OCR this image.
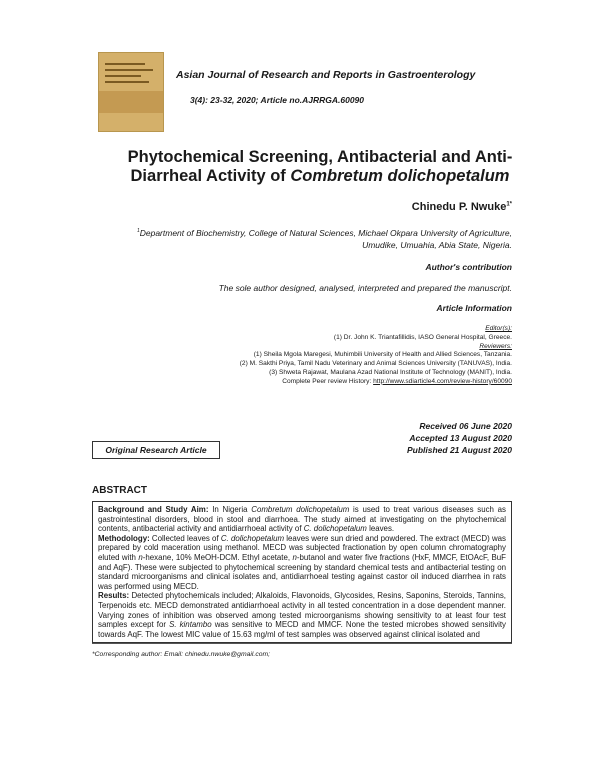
Asian Journal of Research and Reports in Gastroenterology
3(4): 23-32, 2020; Article no.AJRRGA.60090
Phytochemical Screening, Antibacterial and Anti-
Diarrheal Activity of Combretum dolichopetalum
Chinedu P. Nwuke$^{1*}$
$^1$Department of Biochemistry, College of Natural Sciences, Michael Okpara University of Agriculture,
Umudike, Umuahia, Abia State, Nigeria.
Author's contribution
The sole author designed, analysed, interpreted and prepared the manuscript.
Article Information
Editor(s):
(1) Dr. John K. Triantafillidis, IASO General Hospital, Greece.
Reviewers:
(1) Sheila Mgola Maregesi, Muhimbili University of Health and Allied Sciences, Tanzania.
(2) M. Sakthi Priya, Tamil Nadu Veterinary and Animal Sciences University (TANUVAS), India.
(3) Shweta Rajawat, Maulana Azad National Institute of Technology (MANIT), India.
Complete Peer review History: http://www.sdiarticle4.com/review-history/60090
Received 06 June 2020
Accepted 13 August 2020
Published 21 August 2020
Original Research Article
ABSTRACT

Background and Study Aim: In Nigeria Combretum dolichopetalum is used to treat various diseases such as gastrointestinal disorders, blood in stool and diarrhoea. The study aimed at investigating on the phytochemical contents, antibacterial activity and antidiarrhoeal activity of C. dolichopetalum leaves.

Methodology: Collected leaves of C. dolichopetalum leaves were sun dried and powdered. The extract (MECD) was prepared by cold maceration using methanol. MECD was subjected fractionation by open column chromatography eluted with n-hexane, 10% MeOH-DCM. Ethyl acetate, n-butanol and water five fractions (HxF, MMCF, EtOAcF, BuF and AqF). These were subjected to phytochemical screening by standard chemical tests and antibacterial testing on standard microorganisms and clinical isolates and, antidiarrhoeal testing against castor oil induced diarrhea in rats was performed using MECD.

Results: Detected phytochemicals included; Alkaloids, Flavonoids, Glycosides, Resins, Saponins, Steroids, Tannins, Terpenoids etc. MECD demonstrated antidiarrhoeal activity in all tested concentration in a dose dependent manner. Varying zones of inhibition was observed among tested microorganisms showing sensitivity to at least four test samples except for S. kintambo was sensitive to MECD and MMCF. None the tested microbes showed sensitivity towards AqF. The lowest MIC value of 15.63 mg/ml of test samples was observed against clinical isolated and

*Corresponding author: Email: chinedu.nwuke@gmail.com;
